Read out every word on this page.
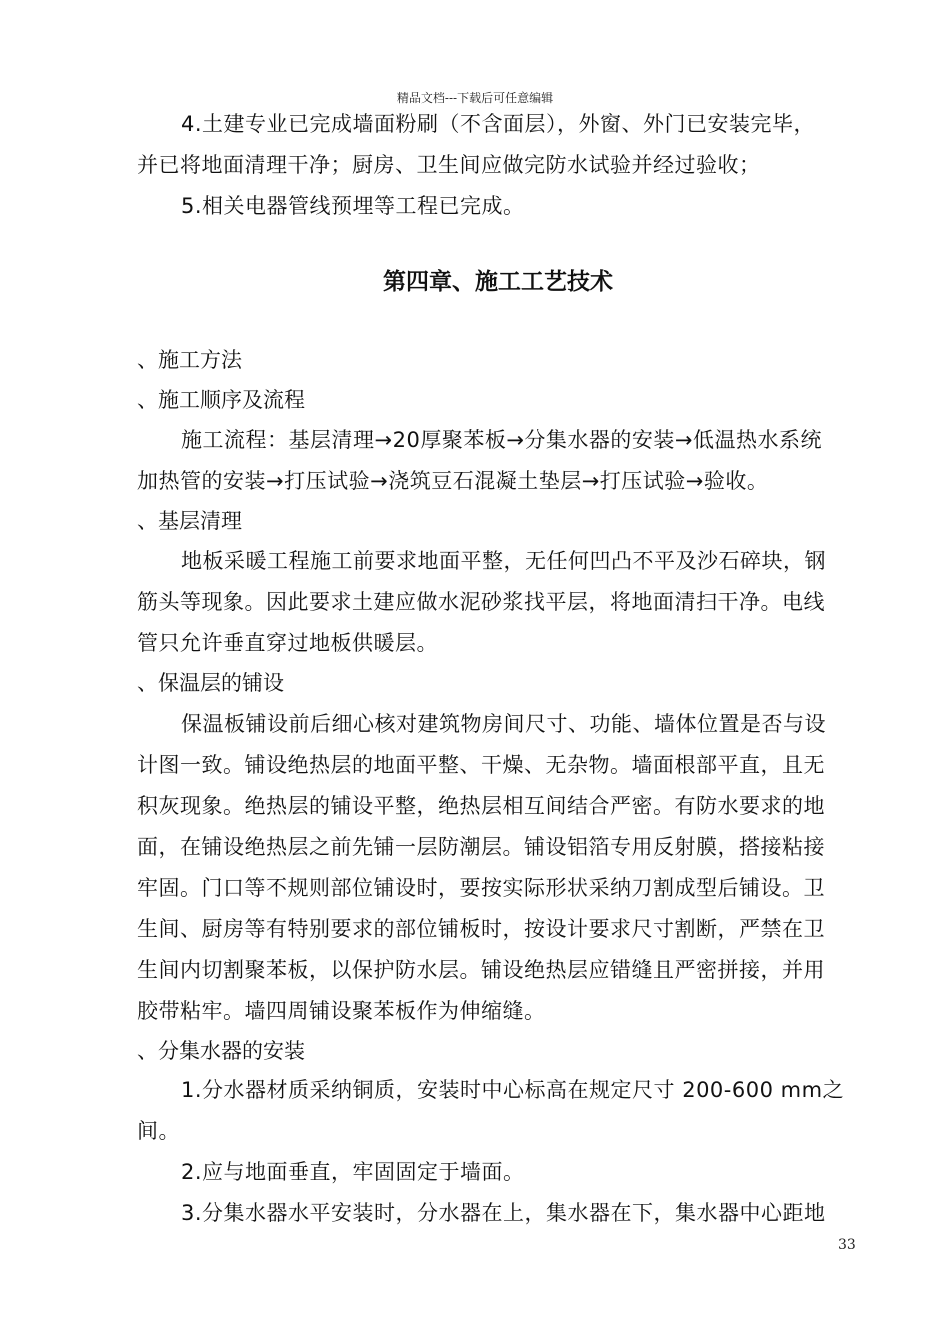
精品文档---下载后可任意编辑
4.土建专业已完成墙面粉刷（不含面层），外窗、外门已安装完毕，
并已将地面清理干净；厨房、卫生间应做完防水试验并经过验收；
5.相关电器管线预埋等工程已完成。
第四章、施工工艺技术
、施工方法
、施工顺序及流程
施工流程：基层清理→20厚聚苯板→分集水器的安装→低温热水系统
加热管的安装→打压试验→浇筑豆石混凝土垫层→打压试验→验收。
、基层清理
地板采暖工程施工前要求地面平整，无任何凹凸不平及沙石碎块，钢
筋头等现象。因此要求土建应做水泥砂浆找平层，将地面清扫干净。电线
管只允许垂直穿过地板供暖层。
、保温层的铺设
保温板铺设前后细心核对建筑物房间尺寸、功能、墙体位置是否与设
计图一致。铺设绝热层的地面平整、干燥、无杂物。墙面根部平直，且无
积灰现象。绝热层的铺设平整，绝热层相互间结合严密。有防水要求的地
面，在铺设绝热层之前先铺一层防潮层。铺设铝箔专用反射膜，搭接粘接
牢固。门口等不规则部位铺设时，要按实际形状采纳刀割成型后铺设。卫
生间、厨房等有特别要求的部位铺板时，按设计要求尺寸割断，严禁在卫
生间内切割聚苯板，以保护防水层。铺设绝热层应错缝且严密拼接，并用
胶带粘牢。墙四周铺设聚苯板作为伸缩缝。
、分集水器的安装
1.分水器材质采纳铜质，安装时中心标高在规定尺寸 200-600 mm之
间。
2.应与地面垂直，牢固固定于墙面。
3.分集水器水平安装时，分水器在上，集水器在下，集水器中心距地
33
